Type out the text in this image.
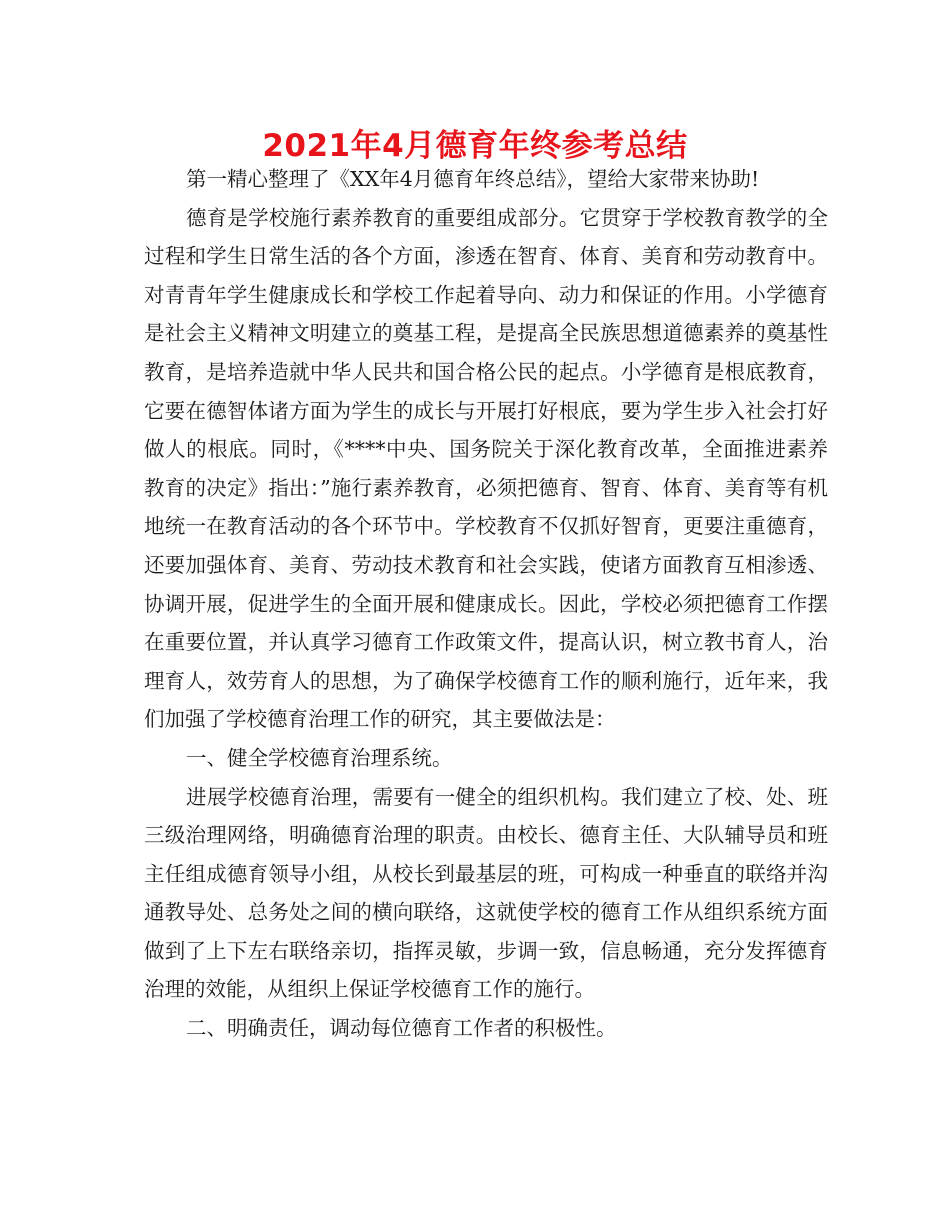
2021年4月德育年终参考总结

第一精心整理了《XX年4月德育年终总结》，望给大家带来协助!

德育是学校施行素养教育的重要组成部分。它贯穿于学校教育教学的全过程和学生日常生活的各个方面，渗透在智育、体育、美育和劳动教育中。对青青年学生健康成长和学校工作起着导向、动力和保证的作用。小学德育是社会主义精神文明建立的奠基工程，是提高全民族思想道德素养的奠基性教育，是培养造就中华人民共和国合格公民的起点。小学德育是根底教育，它要在德智体诸方面为学生的成长与开展打好根底，要为学生步入社会打好做人的根底。同时，《****中央、国务院关于深化教育改革，全面推进素养教育的决定》指出：”施行素养教育，必须把德育、智育、体育、美育等有机地统一在教育活动的各个环节中。学校教育不仅抓好智育，更要注重德育，还要加强体育、美育、劳动技术教育和社会实践，使诸方面教育互相渗透、协调开展，促进学生的全面开展和健康成长。因此，学校必须把德育工作摆在重要位置，并认真学习德育工作政策文件，提高认识，树立教书育人，治理育人，效劳育人的思想，为了确保学校德育工作的顺利施行，近年来，我们加强了学校德育治理工作的研究，其主要做法是：

一、健全学校德育治理系统。

进展学校德育治理，需要有一健全的组织机构。我们建立了校、处、班三级治理网络，明确德育治理的职责。由校长、德育主任、大队辅导员和班主任组成德育领导小组，从校长到最基层的班，可构成一种垂直的联络并沟通教导处、总务处之间的横向联络，这就使学校的德育工作从组织系统方面做到了上下左右联络亲切，指挥灵敏，步调一致，信息畅通，充分发挥德育治理的效能，从组织上保证学校德育工作的施行。

二、明确责任，调动每位德育工作者的积极性。
